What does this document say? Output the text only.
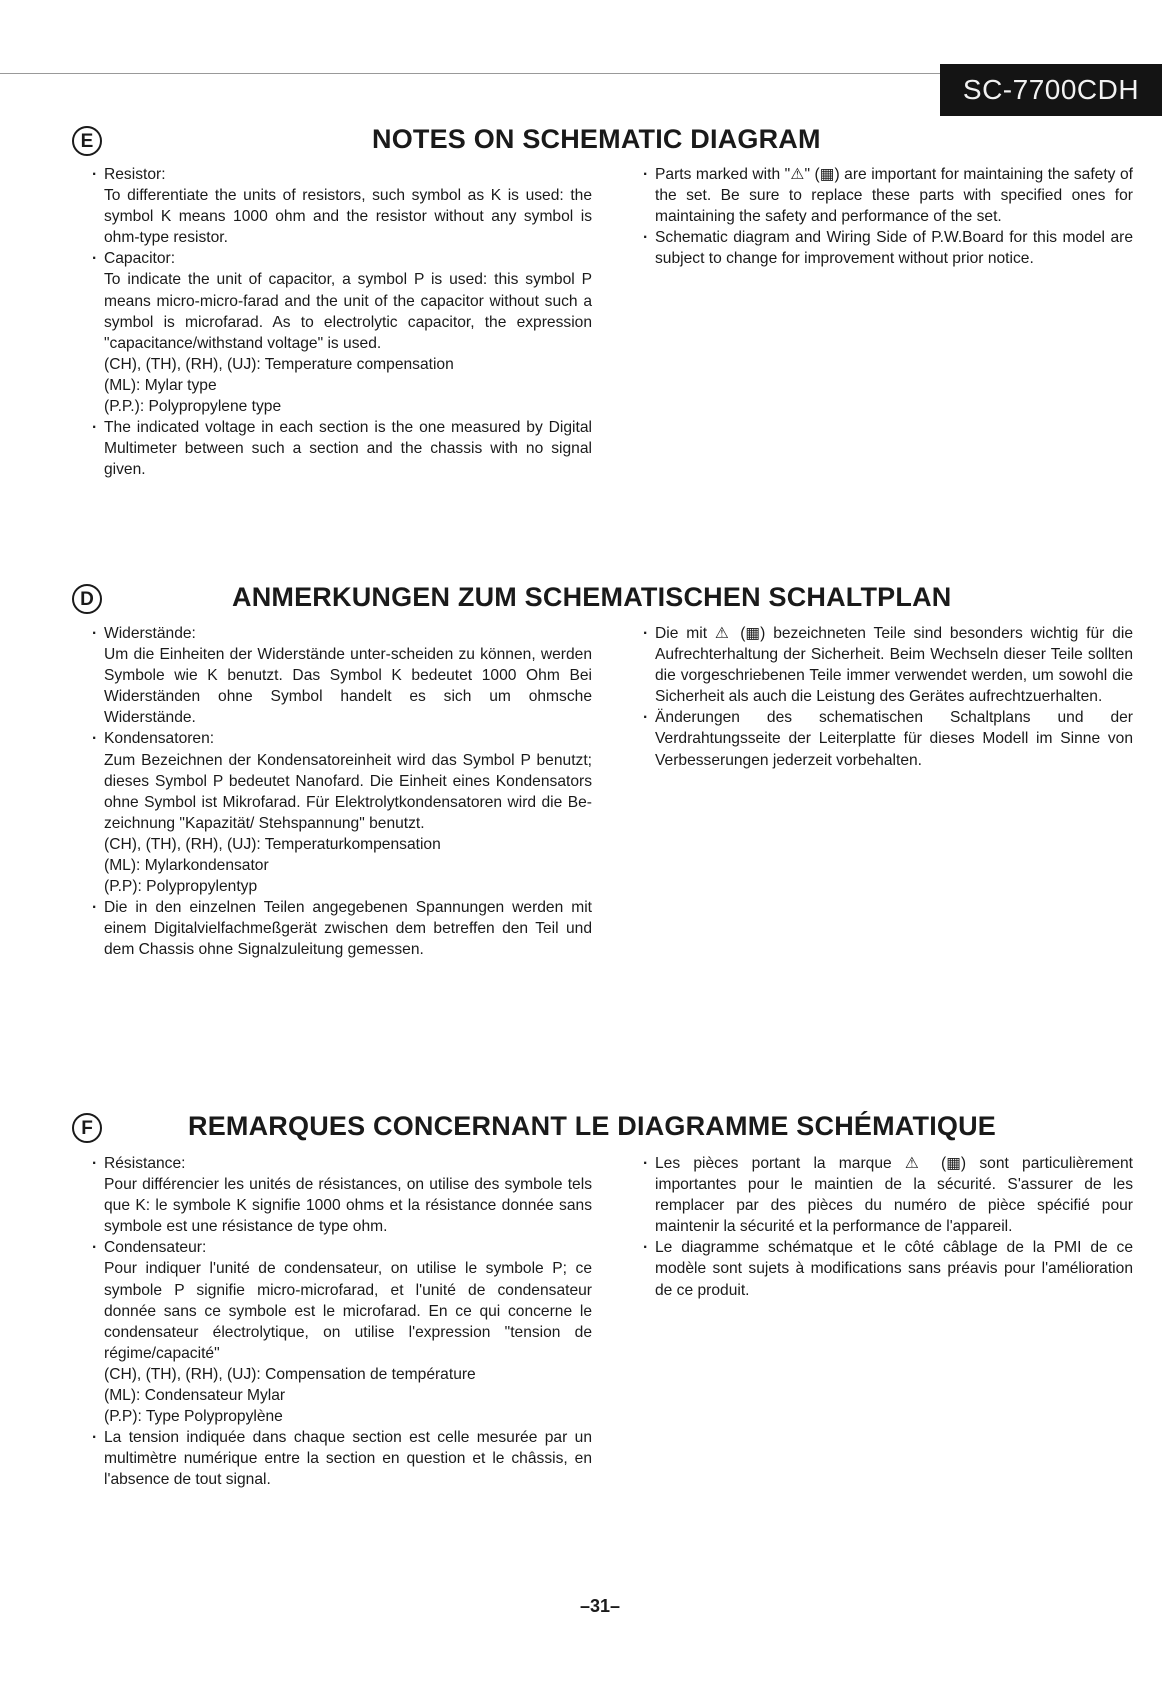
SC-7700CDH
E	NOTES ON SCHEMATIC DIAGRAM

· Resistor:

To differentiate the units of resistors, such symbol as K is used: the symbol K means 1000 ohm and the resistor without any symbol is ohm-type resistor.

· Capacitor:

To indicate the unit of capacitor, a symbol P is used: this symbol P means micro-micro-farad and the unit of the capacitor without such a symbol is microfarad. As to electrolytic capacitor, the expression "capacitance/withstand voltage" is used.

(CH), (TH), (RH), (UJ): Temperature compensation

(ML): Mylar type

(P.P.): Polypropylene type

· The indicated voltage in each section is the one measured by Digital Multimeter between such a section and the chassis with no signal given.

· Parts marked with "⚠" (▦) are important for maintaining the safety of the set. Be sure to replace these parts with specified ones for maintaining the safety and performance of the set.

· Schematic diagram and Wiring Side of P.W.Board for this model are subject to change for improvement without prior notice.

D	ANMERKUNGEN ZUM SCHEMATISCHEN SCHALTPLAN

· Widerstände:

Um die Einheiten der Widerstände unter-scheiden zu können, werden Symbole wie K benutzt. Das Symbol K bedeutet 1000 Ohm Bei Widerständen ohne Symbol handelt es sich um ohmsche Widerstände.

· Kondensatoren:

Zum Bezeichnen der Kondensatoreinheit wird das Symbol P benutzt; dieses Symbol P bedeutet Nanofard. Die Einheit eines Kondensators ohne Symbol ist Mikrofarad. Für Elektrolytkondensatoren wird die Be-zeichnung "Kapazität/ Stehspannung" benutzt.

(CH), (TH), (RH), (UJ): Temperaturkompensation

(ML): Mylarkondensator

(P.P): Polypropylentyp

· Die in den einzelnen Teilen angegebenen Spannungen werden mit einem Digitalvielfachmeßgerät zwischen dem betreffen den Teil und dem Chassis ohne Signalzuleitung gemessen.

· Die mit ⚠ (▦) bezeichneten Teile sind besonders wichtig für die Aufrechterhaltung der Sicherheit. Beim Wechseln dieser Teile sollten die vorgeschriebenen Teile immer verwendet werden, um sowohl die Sicherheit als auch die Leistung des Gerätes aufrechtzuerhalten.

· Änderungen des schematischen Schaltplans und der Verdrahtungsseite der Leiterplatte für dieses Modell im Sinne von Verbesserungen jederzeit vorbehalten.

F	REMARQUES CONCERNANT LE DIAGRAMME SCHÉMATIQUE

· Résistance:

Pour différencier les unités de résistances, on utilise des symbole tels que K: le symbole K signifie 1000 ohms et la résistance donnée sans symbole est une résistance de type ohm.

· Condensateur:

Pour indiquer l'unité de condensateur, on utilise le symbole P; ce symbole P signifie micro-microfarad, et l'unité de condensateur donnée sans ce symbole est le microfarad. En ce qui concerne le condensateur électrolytique, on utilise l'expression "tension de régime/capacité"

(CH), (TH), (RH), (UJ): Compensation de température

(ML): Condensateur Mylar

(P.P): Type Polypropylène

· La tension indiquée dans chaque section est celle mesurée par un multimètre numérique entre la section en question et le châssis, en l'absence de tout signal.

· Les pièces portant la marque ⚠ (▦) sont particulièrement importantes pour le maintien de la sécurité. S'assurer de les remplacer par des pièces du numéro de pièce spécifié pour maintenir la sécurité et la performance de l'appareil.

· Le diagramme schématque et le côté câblage de la PMI de ce modèle sont sujets à modifications sans préavis pour l'amélioration de ce produit.

–31–
